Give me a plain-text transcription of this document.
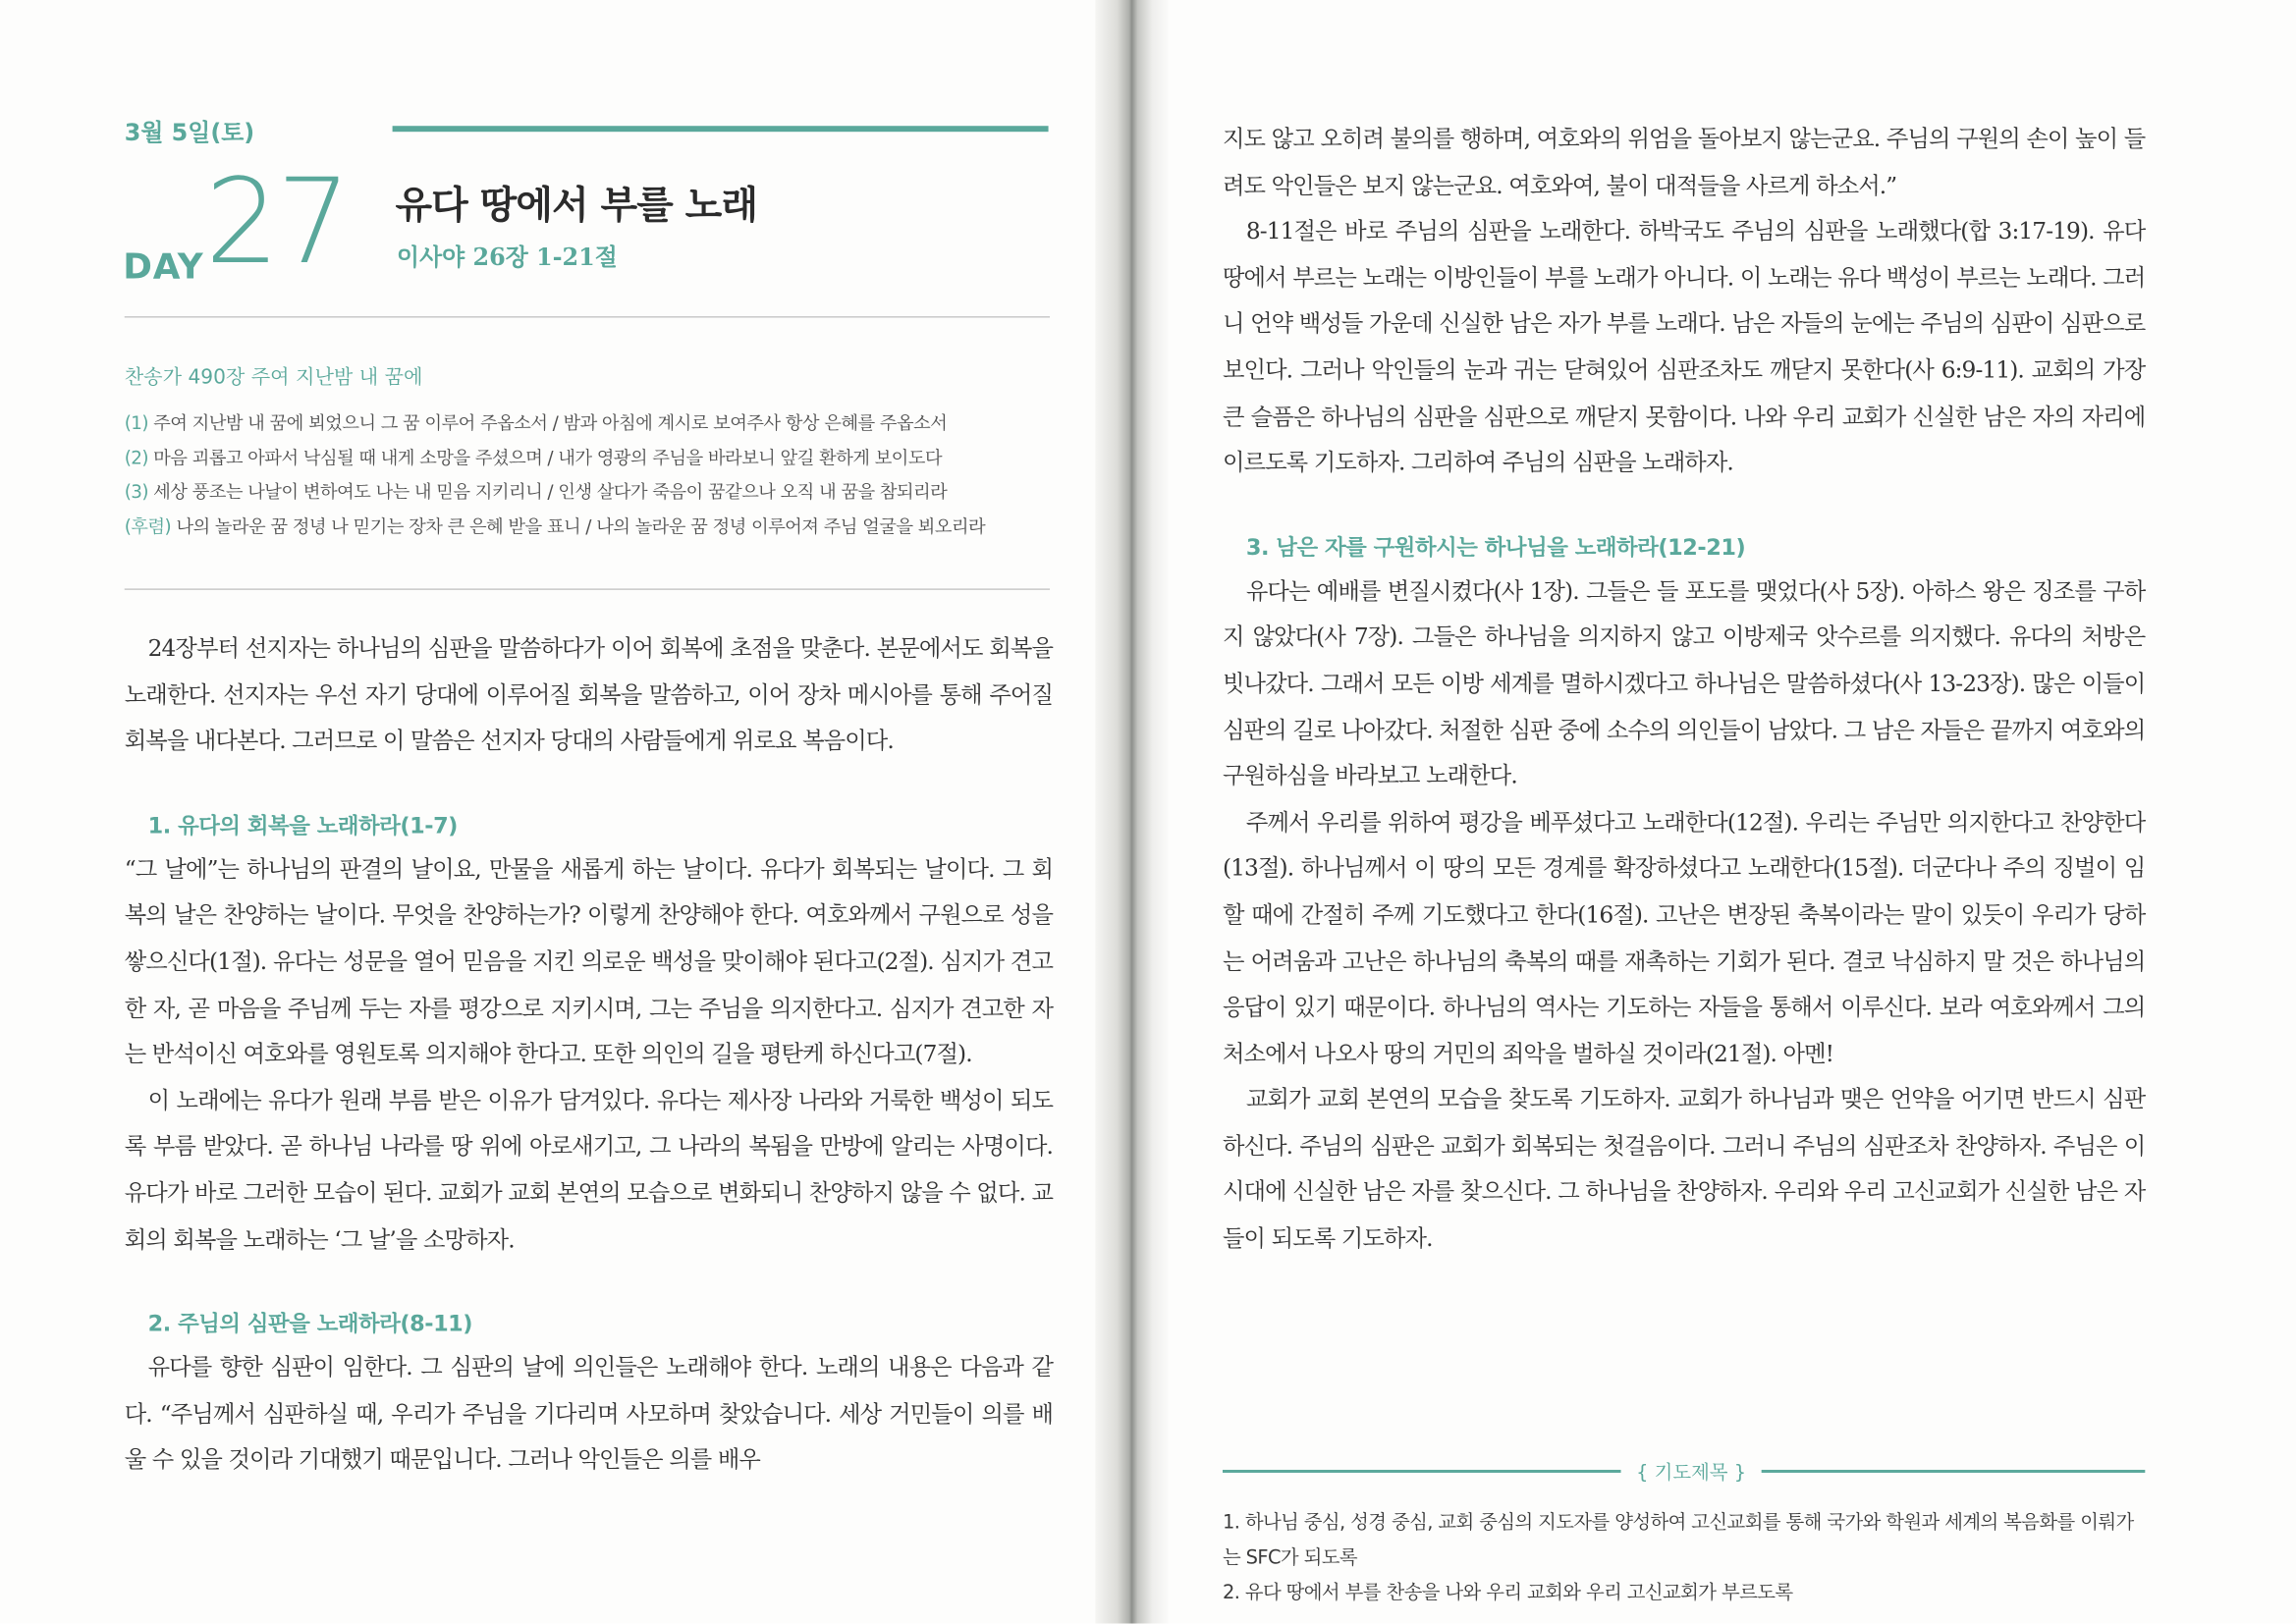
3월 5일(토)
DAY 27 유다 땅에서 부를 노래
이사야 26장 1-21절
찬송가 490장 주여 지난밤 내 꿈에
(1) 주여 지난밤 내 꿈에 뵈었으니 그 꿈 이루어 주옵소서 / 밤과 아침에 계시로 보여주사 항상 은혜를 주옵소서
(2) 마음 괴롭고 아파서 낙심될 때 내게 소망을 주셨으며 / 내가 영광의 주님을 바라보니 앞길 환하게 보이도다
(3) 세상 풍조는 나날이 변하여도 나는 내 믿음 지키리니 / 인생 살다가 죽음이 꿈같으나 오직 내 꿈을 참되리라
(후렴) 나의 놀라운 꿈 정녕 나 믿기는 장차 큰 은혜 받을 표니 / 나의 놀라운 꿈 정녕 이루어져 주님 얼굴을 뵈오리라

24장부터 선지자는 하나님의 심판을 말씀하다가 이어 회복에 초점을 맞춘다. 본문에서도 회복을 노래한다. 선지자는 우선 자기 당대에 이루어질 회복을 말씀하고, 이어 장차 메시아를 통해 주어질 회복을 내다본다. 그러므로 이 말씀은 선지자 당대의 사람들에게 위로요 복음이다.

1. 유다의 회복을 노래하라(1-7)

“그 날에”는 하나님의 판결의 날이요, 만물을 새롭게 하는 날이다. 유다가 회복되는 날이다. 그 회복의 날은 찬양하는 날이다. 무엇을 찬양하는가? 이렇게 찬양해야 한다. 여호와께서 구원으로 성을 쌓으신다(1절). 유다는 성문을 열어 믿음을 지킨 의로운 백성을 맞이해야 된다고(2절). 심지가 견고한 자, 곧 마음을 주님께 두는 자를 평강으로 지키시며, 그는 주님을 의지한다고. 심지가 견고한 자는 반석이신 여호와를 영원토록 의지해야 한다고. 또한 의인의 길을 평탄케 하신다고(7절).

이 노래에는 유다가 원래 부름 받은 이유가 담겨있다. 유다는 제사장 나라와 거룩한 백성이 되도록 부름 받았다. 곧 하나님 나라를 땅 위에 아로새기고, 그 나라의 복됨을 만방에 알리는 사명이다. 유다가 바로 그러한 모습이 된다. 교회가 교회 본연의 모습으로 변화되니 찬양하지 않을 수 없다. 교회의 회복을 노래하는 ‘그 날’을 소망하자.

2. 주님의 심판을 노래하라(8-11)

유다를 향한 심판이 임한다. 그 심판의 날에 의인들은 노래해야 한다. 노래의 내용은 다음과 같다. “주님께서 심판하실 때, 우리가 주님을 기다리며 사모하며 찾았습니다. 세상 거민들이 의를 배울 수 있을 것이라 기대했기 때문입니다. 그러나 악인들은 의를 배우

지도 않고 오히려 불의를 행하며, 여호와의 위엄을 돌아보지 않는군요. 주님의 구원의 손이 높이 들려도 악인들은 보지 않는군요. 여호와여, 불이 대적들을 사르게 하소서.”

8-11절은 바로 주님의 심판을 노래한다. 하박국도 주님의 심판을 노래했다(합 3:17-19). 유다 땅에서 부르는 노래는 이방인들이 부를 노래가 아니다. 이 노래는 유다 백성이 부르는 노래다. 그러니 언약 백성들 가운데 신실한 남은 자가 부를 노래다. 남은 자들의 눈에는 주님의 심판이 심판으로 보인다. 그러나 악인들의 눈과 귀는 닫혀있어 심판조차도 깨닫지 못한다(사 6:9-11). 교회의 가장 큰 슬픔은 하나님의 심판을 심판으로 깨닫지 못함이다. 나와 우리 교회가 신실한 남은 자의 자리에 이르도록 기도하자. 그리하여 주님의 심판을 노래하자.

3. 남은 자를 구원하시는 하나님을 노래하라(12-21)

유다는 예배를 변질시켰다(사 1장). 그들은 들 포도를 맺었다(사 5장). 아하스 왕은 징조를 구하지 않았다(사 7장). 그들은 하나님을 의지하지 않고 이방제국 앗수르를 의지했다. 유다의 처방은 빗나갔다. 그래서 모든 이방 세계를 멸하시겠다고 하나님은 말씀하셨다(사 13-23장). 많은 이들이 심판의 길로 나아갔다. 처절한 심판 중에 소수의 의인들이 남았다. 그 남은 자들은 끝까지 여호와의 구원하심을 바라보고 노래한다.

주께서 우리를 위하여 평강을 베푸셨다고 노래한다(12절). 우리는 주님만 의지한다고 찬양한다(13절). 하나님께서 이 땅의 모든 경계를 확장하셨다고 노래한다(15절). 더군다나 주의 징벌이 임할 때에 간절히 주께 기도했다고 한다(16절). 고난은 변장된 축복이라는 말이 있듯이 우리가 당하는 어려움과 고난은 하나님의 축복의 때를 재촉하는 기회가 된다. 결코 낙심하지 말 것은 하나님의 응답이 있기 때문이다. 하나님의 역사는 기도하는 자들을 통해서 이루신다. 보라 여호와께서 그의 처소에서 나오사 땅의 거민의 죄악을 벌하실 것이라(21절). 아멘!

교회가 교회 본연의 모습을 찾도록 기도하자. 교회가 하나님과 맺은 언약을 어기면 반드시 심판하신다. 주님의 심판은 교회가 회복되는 첫걸음이다. 그러니 주님의 심판조차 찬양하자. 주님은 이 시대에 신실한 남은 자를 찾으신다. 그 하나님을 찬양하자. 우리와 우리 고신교회가 신실한 남은 자들이 되도록 기도하자.

{ 기도제목 }
1. 하나님 중심, 성경 중심, 교회 중심의 지도자를 양성하여 고신교회를 통해 국가와 학원과 세계의 복음화를 이뤄가는 SFC가 되도록
2. 유다 땅에서 부를 찬송을 나와 우리 교회와 우리 고신교회가 부르도록
